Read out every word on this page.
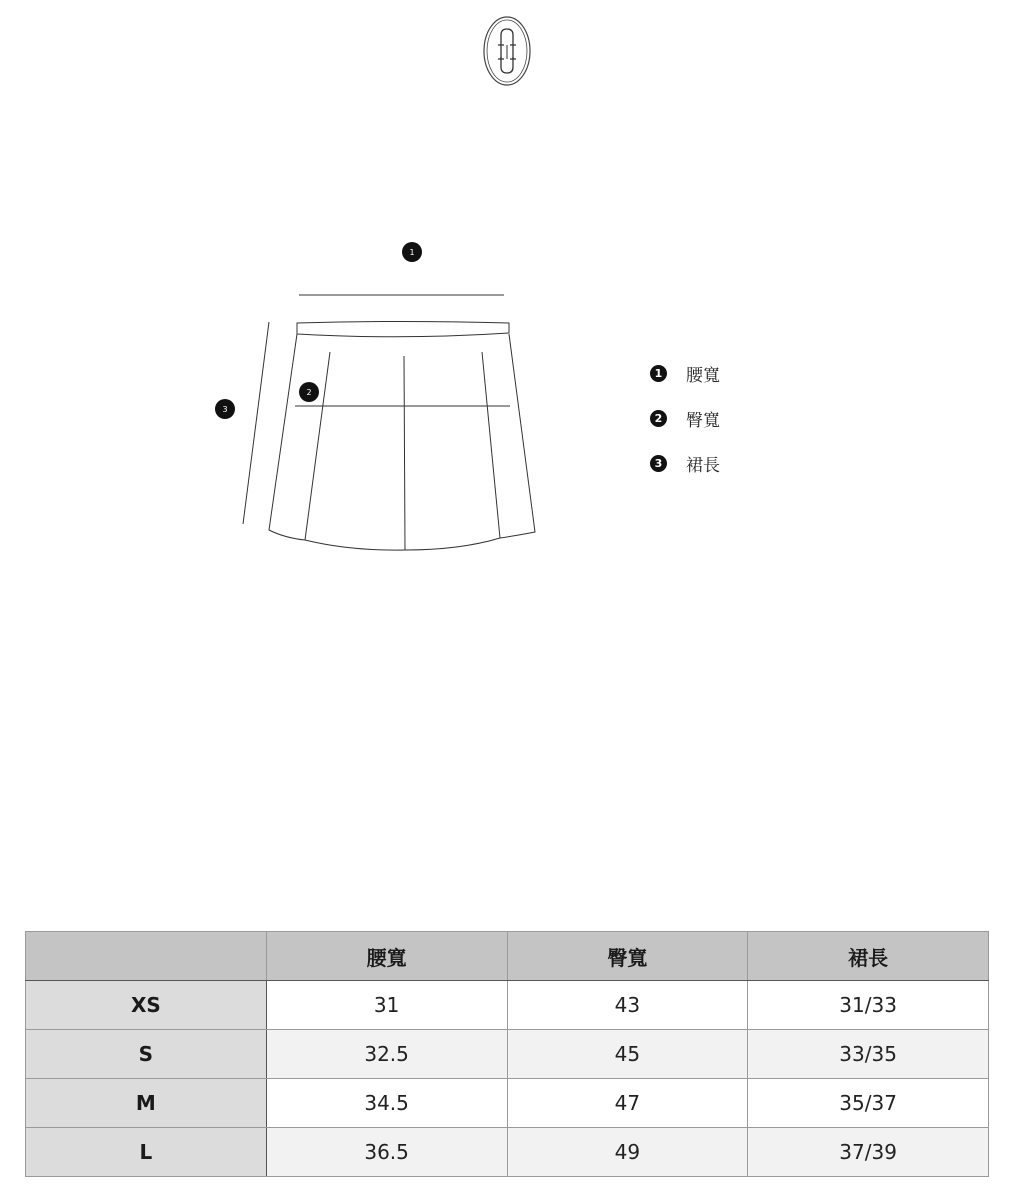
1
2
3
1 腰寬
2 臀寬
3 裙長
	腰寬	臀寬	裙長
XS	31	43	31/33
S	32.5	45	33/35
M	34.5	47	35/37
L	36.5	49	37/39
